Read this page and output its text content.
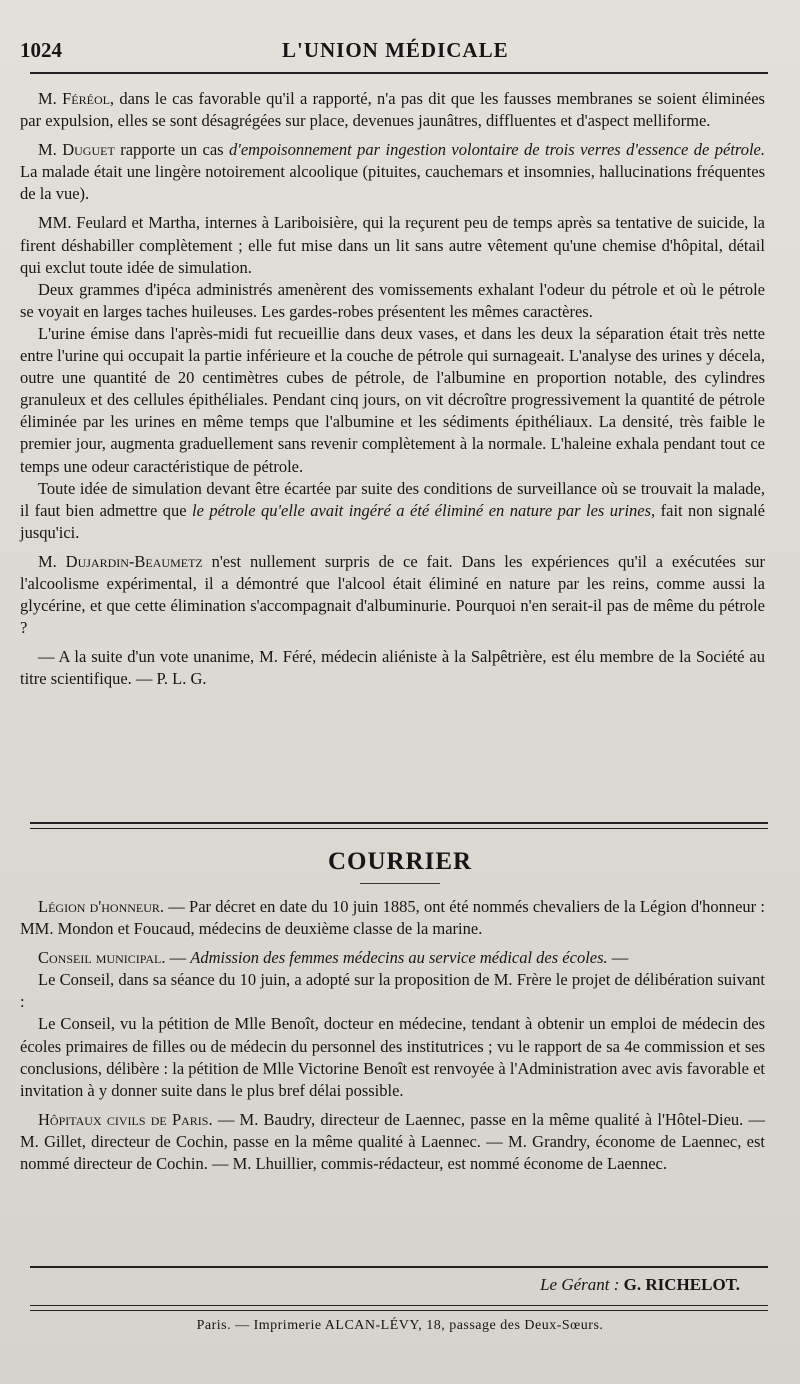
1024	L'UNION MÉDICALE

M. Féréol, dans le cas favorable qu'il a rapporté, n'a pas dit que les fausses membranes se soient éliminées par expulsion, elles se sont désagrégées sur place, devenues jaunâtres, diffluentes et d'aspect melliforme.

M. Duguet rapporte un cas d'empoisonnement par ingestion volontaire de trois verres d'essence de pétrole. La malade était une lingère notoirement alcoolique (pituites, cauchemars et insomnies, hallucinations fréquentes de la vue).

MM. Feulard et Martha, internes à Lariboisière, qui la reçurent peu de temps après sa tentative de suicide, la firent déshabiller complètement ; elle fut mise dans un lit sans autre vêtement qu'une chemise d'hôpital, détail qui exclut toute idée de simulation.

Deux grammes d'ipéca administrés amenèrent des vomissements exhalant l'odeur du pétrole et où le pétrole se voyait en larges taches huileuses. Les gardes-robes présentent les mêmes caractères.

L'urine émise dans l'après-midi fut recueillie dans deux vases, et dans les deux la séparation était très nette entre l'urine qui occupait la partie inférieure et la couche de pétrole qui surnageait. L'analyse des urines y décela, outre une quantité de 20 centimètres cubes de pétrole, de l'albumine en proportion notable, des cylindres granuleux et des cellules épithéliales. Pendant cinq jours, on vit décroître progressivement la quantité de pétrole éliminée par les urines en même temps que l'albumine et les sédiments épithéliaux. La densité, très faible le premier jour, augmenta graduellement sans revenir complètement à la normale. L'haleine exhala pendant tout ce temps une odeur caractéristique de pétrole.

Toute idée de simulation devant être écartée par suite des conditions de surveillance où se trouvait la malade, il faut bien admettre que le pétrole qu'elle avait ingéré a été éliminé en nature par les urines, fait non signalé jusqu'ici.

M. Dujardin-Beaumetz n'est nullement surpris de ce fait. Dans les expériences qu'il a exécutées sur l'alcoolisme expérimental, il a démontré que l'alcool était éliminé en nature par les reins, comme aussi la glycérine, et que cette élimination s'accompagnait d'albuminurie. Pourquoi n'en serait-il pas de même du pétrole ?

— A la suite d'un vote unanime, M. Féré, médecin aliéniste à la Salpêtrière, est élu membre de la Société au titre scientifique. — P. L. G.

COURRIER

Légion d'honneur. — Par décret en date du 10 juin 1885, ont été nommés chevaliers de la Légion d'honneur : MM. Mondon et Foucaud, médecins de deuxième classe de la marine.

Conseil municipal. — Admission des femmes médecins au service médical des écoles. —

Le Conseil, dans sa séance du 10 juin, a adopté sur la proposition de M. Frère le projet de délibération suivant :

Le Conseil, vu la pétition de Mlle Benoît, docteur en médecine, tendant à obtenir un emploi de médecin des écoles primaires de filles ou de médecin du personnel des institutrices ; vu le rapport de sa 4e commission et ses conclusions, délibère : la pétition de Mlle Victorine Benoît est renvoyée à l'Administration avec avis favorable et invitation à y donner suite dans le plus bref délai possible.

Hôpitaux civils de Paris. — M. Baudry, directeur de Laennec, passe en la même qualité à l'Hôtel-Dieu. — M. Gillet, directeur de Cochin, passe en la même qualité à Laennec. — M. Grandry, économe de Laennec, est nommé directeur de Cochin. — M. Lhuillier, commis-rédacteur, est nommé économe de Laennec.

Le Gérant : G. RICHELOT.
Paris. — Imprimerie ALCAN-LÉVY, 18, passage des Deux-Sœurs.
